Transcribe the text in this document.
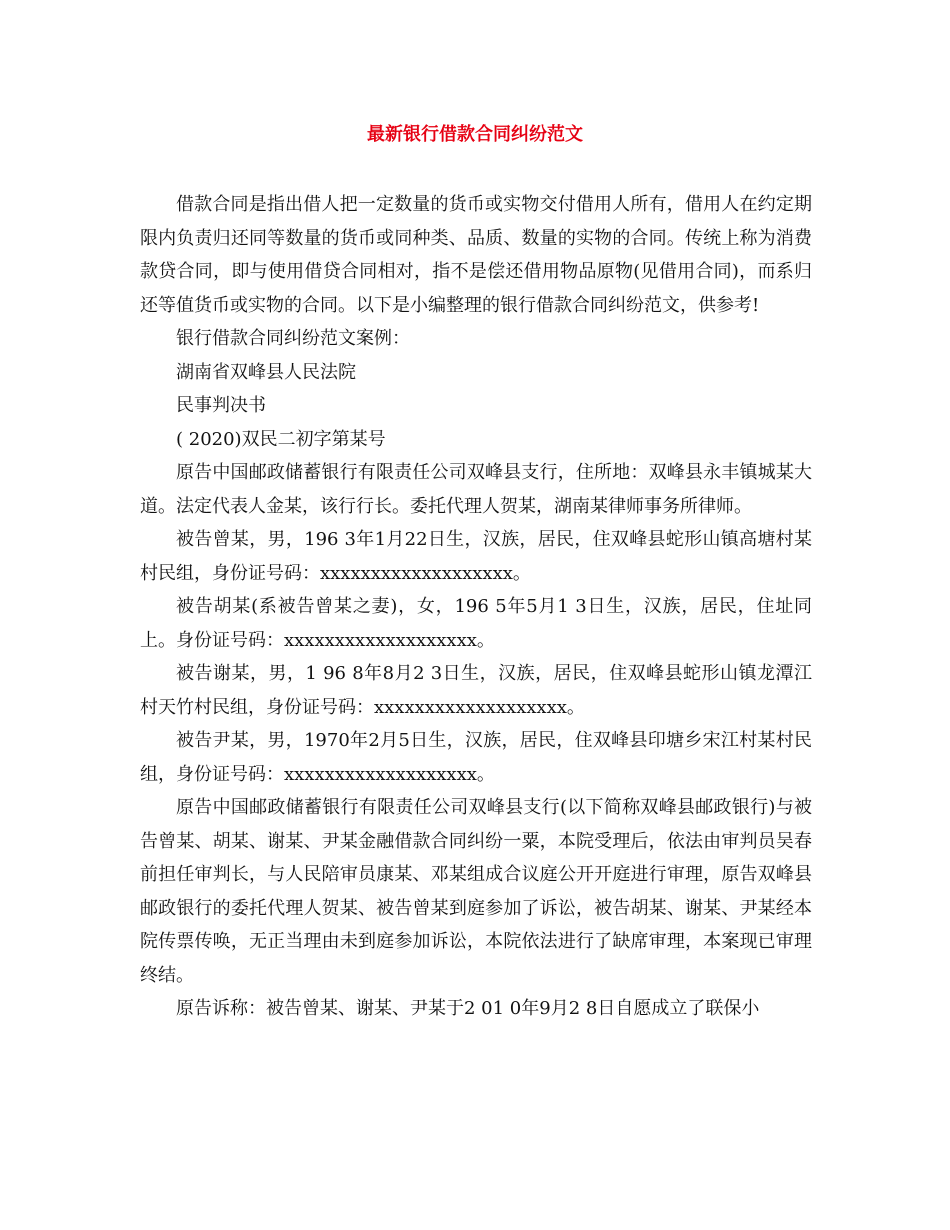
最新银行借款合同纠纷范文

借款合同是指出借人把一定数量的货币或实物交付借用人所有，借用人在约定期限内负责归还同等数量的货币或同种类、品质、数量的实物的合同。传统上称为消费款贷合同，即与使用借贷合同相对，指不是偿还借用物品原物(见借用合同)，而系归还等值货币或实物的合同。以下是小编整理的银行借款合同纠纷范文，供参考!

银行借款合同纠纷范文案例：

湖南省双峰县人民法院

民事判决书

( 2020)双民二初字第某号

原告中国邮政储蓄银行有限责任公司双峰县支行，住所地：双峰县永丰镇城某大道。法定代表人金某，该行行长。委托代理人贺某，湖南某律师事务所律师。

被告曾某，男，196 3年1月22日生，汉族，居民，住双峰县蛇形山镇高塘村某村民组，身份证号码：xxxxxxxxxxxxxxxxxxx。

被告胡某(系被告曾某之妻)，女，196 5年5月1 3日生，汉族，居民，住址同上。身份证号码：xxxxxxxxxxxxxxxxxxx。

被告谢某，男，1 96 8年8月2 3日生，汉族，居民，住双峰县蛇形山镇龙潭江村天竹村民组，身份证号码：xxxxxxxxxxxxxxxxxxx。

被告尹某，男，1970年2月5日生，汉族，居民，住双峰县印塘乡宋江村某村民组，身份证号码：xxxxxxxxxxxxxxxxxxx。

原告中国邮政储蓄银行有限责任公司双峰县支行(以下简称双峰县邮政银行)与被告曾某、胡某、谢某、尹某金融借款合同纠纷一粟，本院受理后，依法由审判员吴春前担任审判长，与人民陪审员康某、邓某组成合议庭公开开庭进行审理，原告双峰县邮政银行的委托代理人贺某、被告曾某到庭参加了诉讼，被告胡某、谢某、尹某经本院传票传唤，无正当理由未到庭参加诉讼，本院依法进行了缺席审理，本案现已审理终结。

原告诉称：被告曾某、谢某、尹某于2 01 0年9月2 8日自愿成立了联保小
